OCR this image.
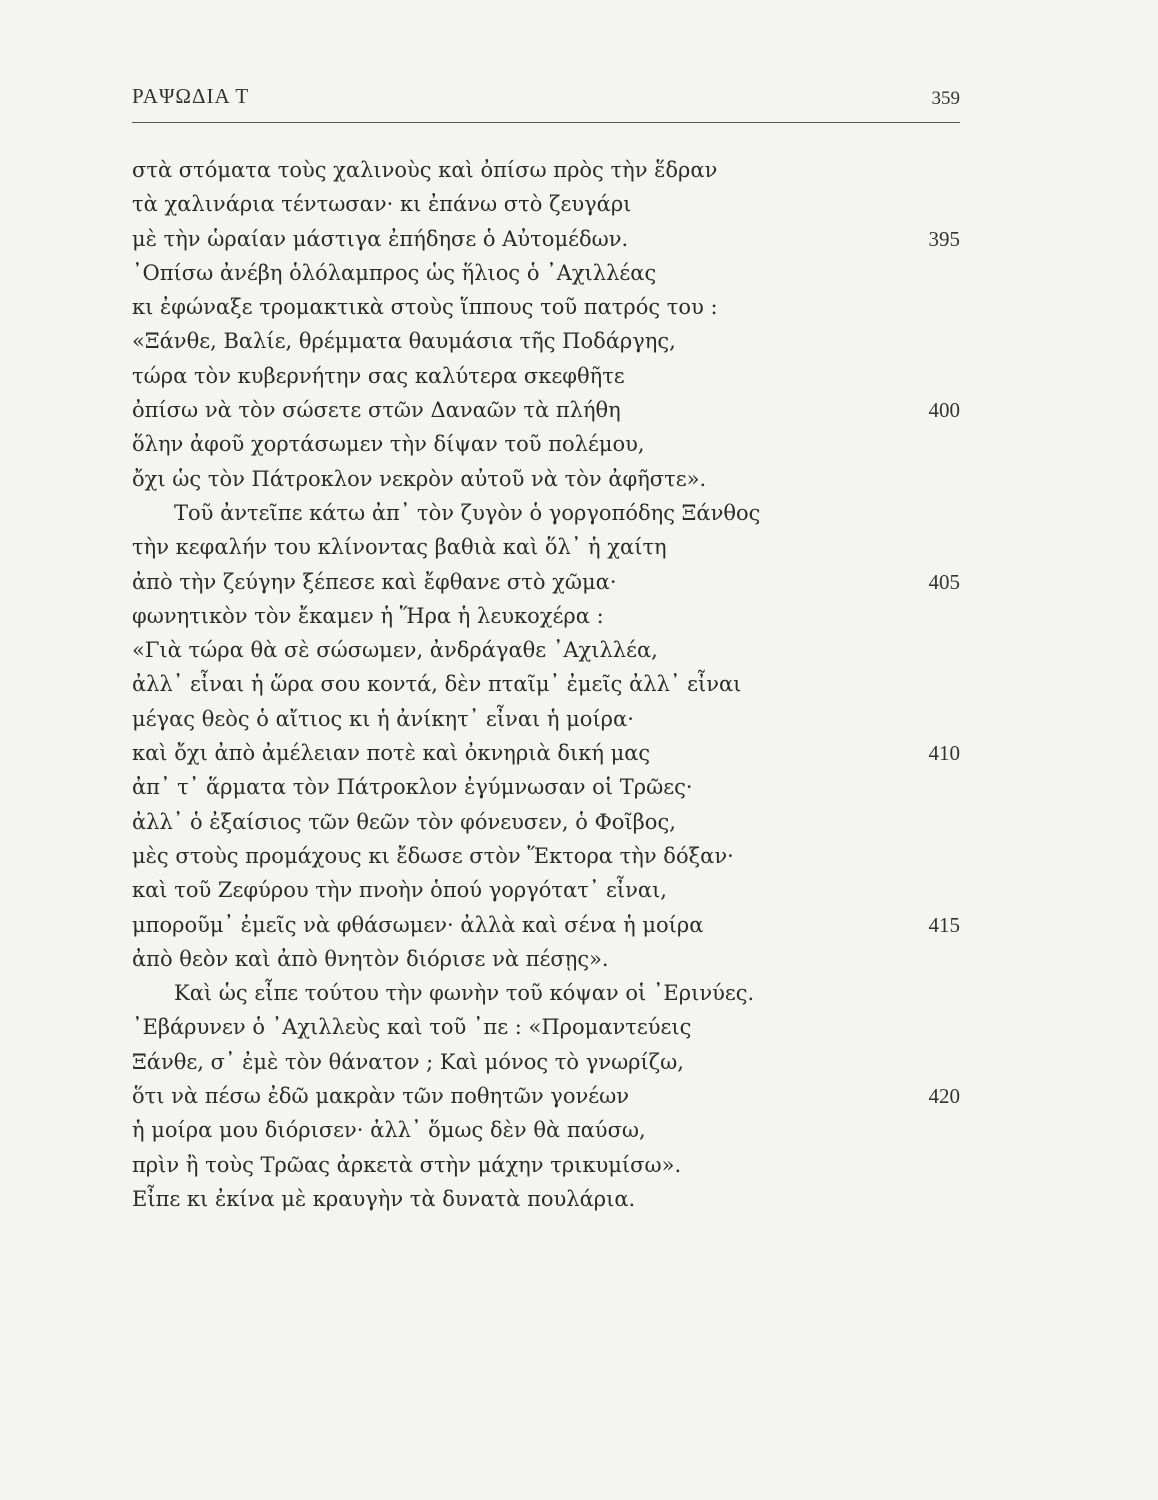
ΡΑΨΩΔΙΑ Τ	359
στὰ στόματα τοὺς χαλινοὺς καὶ ὀπίσω πρὸς τὴν ἕδραν
τὰ χαλινάρια τέντωσαν· κι ἐπάνω στὸ ζευγάρι
μὲ τὴν ὡραίαν μάστιγα ἐπήδησε ὁ Αὐτομέδων.	395
᾿Οπίσω ἀνέβη ὁλόλαμπρος ὡς ἥλιος ὁ ᾿Αχιλλέας
κι ἐφώναξε τρομακτικὰ στοὺς ἵππους τοῦ πατρός του :
«Ξάνθε, Βαλίε, θρέμματα θαυμάσια τῆς Ποδάργης,
τώρα τὸν κυβερνήτην σας καλύτερα σκεφθῆτε
ὀπίσω νὰ τὸν σώσετε στῶν Δαναῶν τὰ πλήθη	400
ὅλην ἀφοῦ χορτάσωμεν τὴν δίψαν τοῦ πολέμου,
ὄχι ὡς τὸν Πάτροκλον νεκρὸν αὐτοῦ νὰ τὸν ἀφῆστε».
Τοῦ ἀντεῖπε κάτω ἀπ᾿ τὸν ζυγὸν ὁ γοργοπόδης Ξάνθος
τὴν κεφαλήν του κλίνοντας βαθιὰ καὶ ὅλ᾿ ἡ χαίτη
ἀπὸ τὴν ζεύγην ξέπεσε καὶ ἔφθανε στὸ χῶμα·	405
φωνητικὸν τὸν ἔκαμεν ἡ Ἥρα ἡ λευκοχέρα :
«Γιὰ τώρα θὰ σὲ σώσωμεν, ἀνδράγαθε ᾿Αχιλλέα,
ἀλλ᾿ εἶναι ἡ ὥρα σου κοντά, δὲν πταῖμ᾿ ἐμεῖς ἀλλ᾿ εἶναι
μέγας θεὸς ὁ αἴτιος κι ἡ ἀνίκητ᾿ εἶναι ἡ μοίρα·
καὶ ὄχι ἀπὸ ἀμέλειαν ποτὲ καὶ ὀκνηριὰ δική μας	410
ἀπ᾿ τ᾿ ἅρματα τὸν Πάτροκλον ἐγύμνωσαν οἱ Τρῶες·
ἀλλ᾿ ὁ ἐξαίσιος τῶν θεῶν τὸν φόνευσεν, ὁ Φοῖβος,
μὲς στοὺς προμάχους κι ἔδωσε στὸν Ἕκτορα τὴν δόξαν·
καὶ τοῦ Ζεφύρου τὴν πνοὴν ὁπού γοργότατ᾿ εἶναι,
μποροῦμ᾿ ἐμεῖς νὰ φθάσωμεν· ἀλλὰ καὶ σένα ἡ μοίρα	415
ἀπὸ θεὸν καὶ ἀπὸ θνητὸν διόρισε νὰ πέσῃς».
Καὶ ὡς εἶπε τούτου τὴν φωνὴν τοῦ κόψαν οἱ ᾿Ερινύες.
᾿Εβάρυνεν ὁ ᾿Αχιλλεὺς καὶ τοῦ ᾿πε : «Προμαντεύεις
Ξάνθε, σ᾿ ἐμὲ τὸν θάνατον ; Καὶ μόνος τὸ γνωρίζω,
ὅτι νὰ πέσω ἐδῶ μακρὰν τῶν ποθητῶν γονέων	420
ἡ μοίρα μου διόρισεν· ἀλλ᾿ ὅμως δὲν θὰ παύσω,
πρὶν ἢ τοὺς Τρῶας ἀρκετὰ στὴν μάχην τρικυμίσω».
Εἶπε κι ἐκίνα μὲ κραυγὴν τὰ δυνατὰ πουλάρια.
